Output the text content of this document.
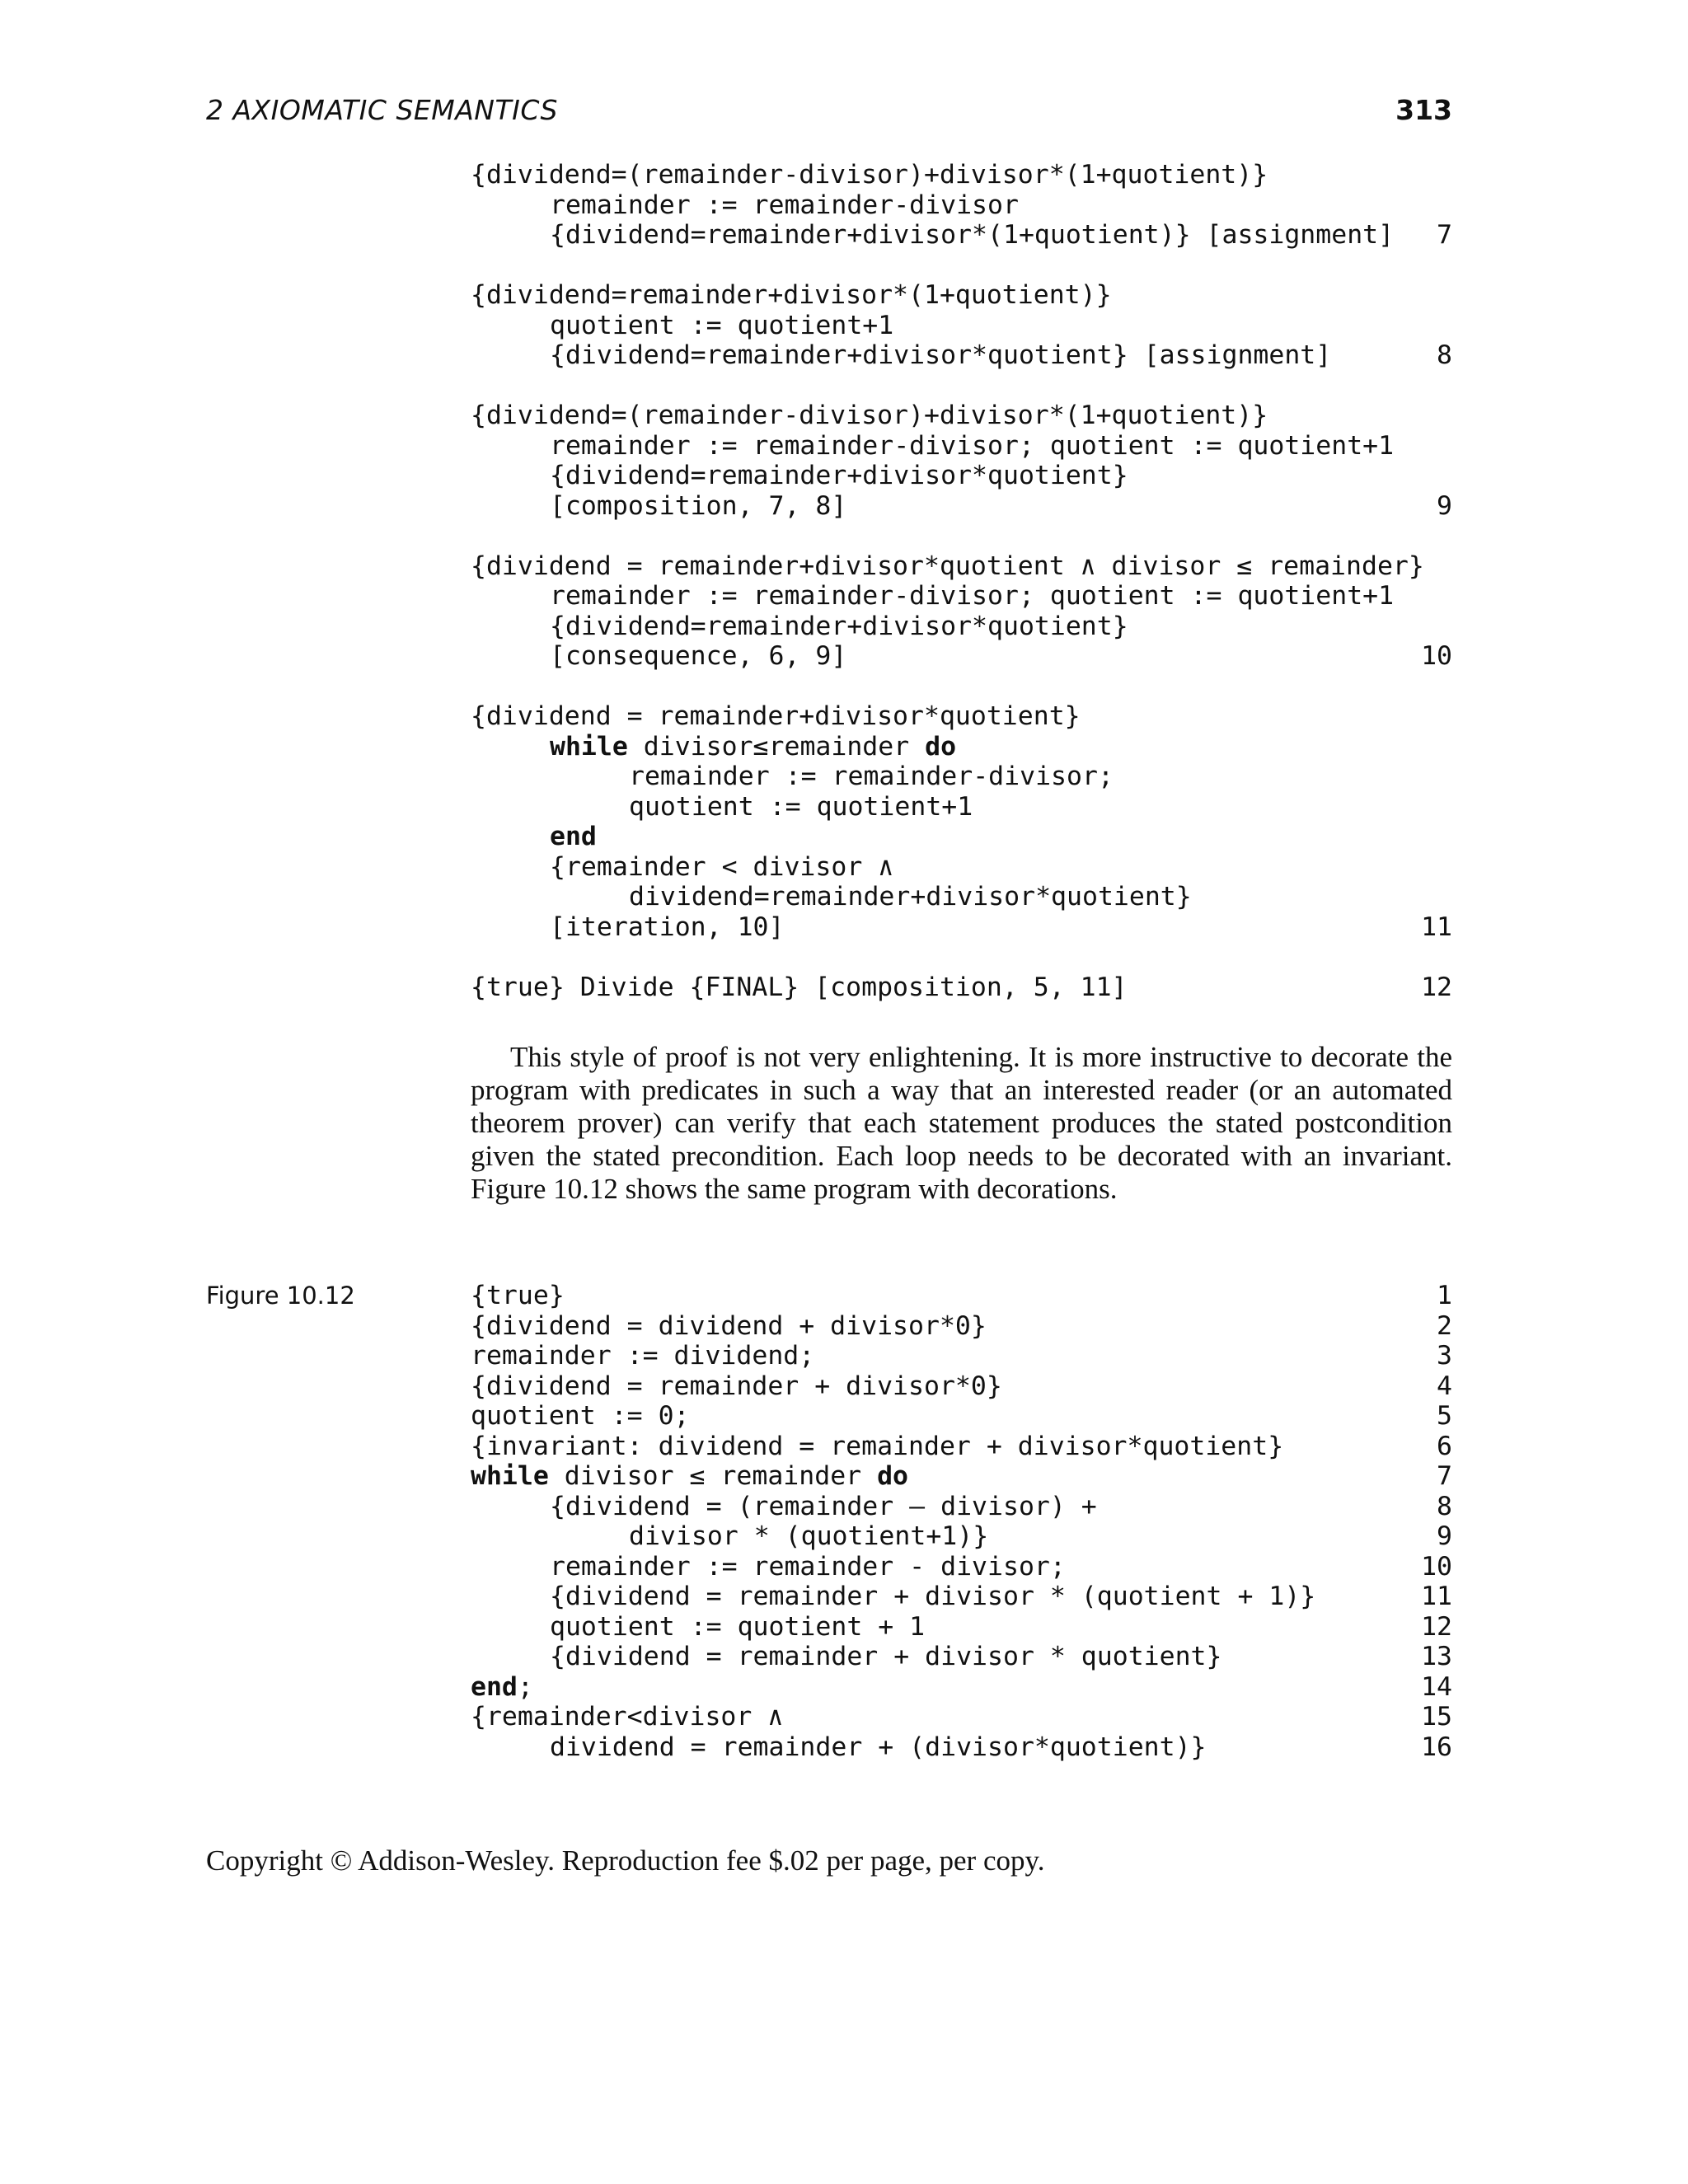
2 AXIOMATIC SEMANTICS	313
{dividend=(remainder-divisor)+divisor*(1+quotient)}
remainder := remainder-divisor
{dividend=remainder+divisor*(1+quotient)} [assignment] 7
{dividend=remainder+divisor*(1+quotient)}
quotient := quotient+1
{dividend=remainder+divisor*quotient} [assignment]	8
{dividend=(remainder-divisor)+divisor*(1+quotient)}
remainder := remainder-divisor; quotient := quotient+1
{dividend=remainder+divisor*quotient}
[composition, 7, 8]	9
{dividend = remainder+divisor*quotient ∧ divisor ≤ remainder}
remainder := remainder-divisor; quotient := quotient+1
{dividend=remainder+divisor*quotient}
[consequence, 6, 9]	10
{dividend = remainder+divisor*quotient}
while divisor≤remainder do
remainder := remainder-divisor;
quotient := quotient+1
end
{remainder < divisor ∧
dividend=remainder+divisor*quotient}
[iteration, 10]	11
{true} Divide {FINAL} [composition, 5, 11]	12

This style of proof is not very enlightening. It is more instructive to decorate the program with predicates in such a way that an interested reader (or an automated theorem prover) can verify that each statement produces the stated postcondition given the stated precondition. Each loop needs to be decorated with an invariant. Figure 10.12 shows the same program with decorations.

Figure 10.12	{true}	1
{dividend = dividend + divisor*0}	2
remainder := dividend;	3
{dividend = remainder + divisor*0}	4
quotient := 0;	5
{invariant: dividend = remainder + divisor*quotient}	6
while divisor ≤ remainder do	7
{dividend = (remainder – divisor) +	8
divisor * (quotient+1)}	9
remainder := remainder - divisor;	10
{dividend = remainder + divisor * (quotient + 1)}	11
quotient := quotient + 1	12
{dividend = remainder + divisor * quotient}	13
end;	14
{remainder<divisor ∧	15
dividend = remainder + (divisor*quotient)}	16
Copyright © Addison-Wesley. Reproduction fee $.02 per page, per copy.
